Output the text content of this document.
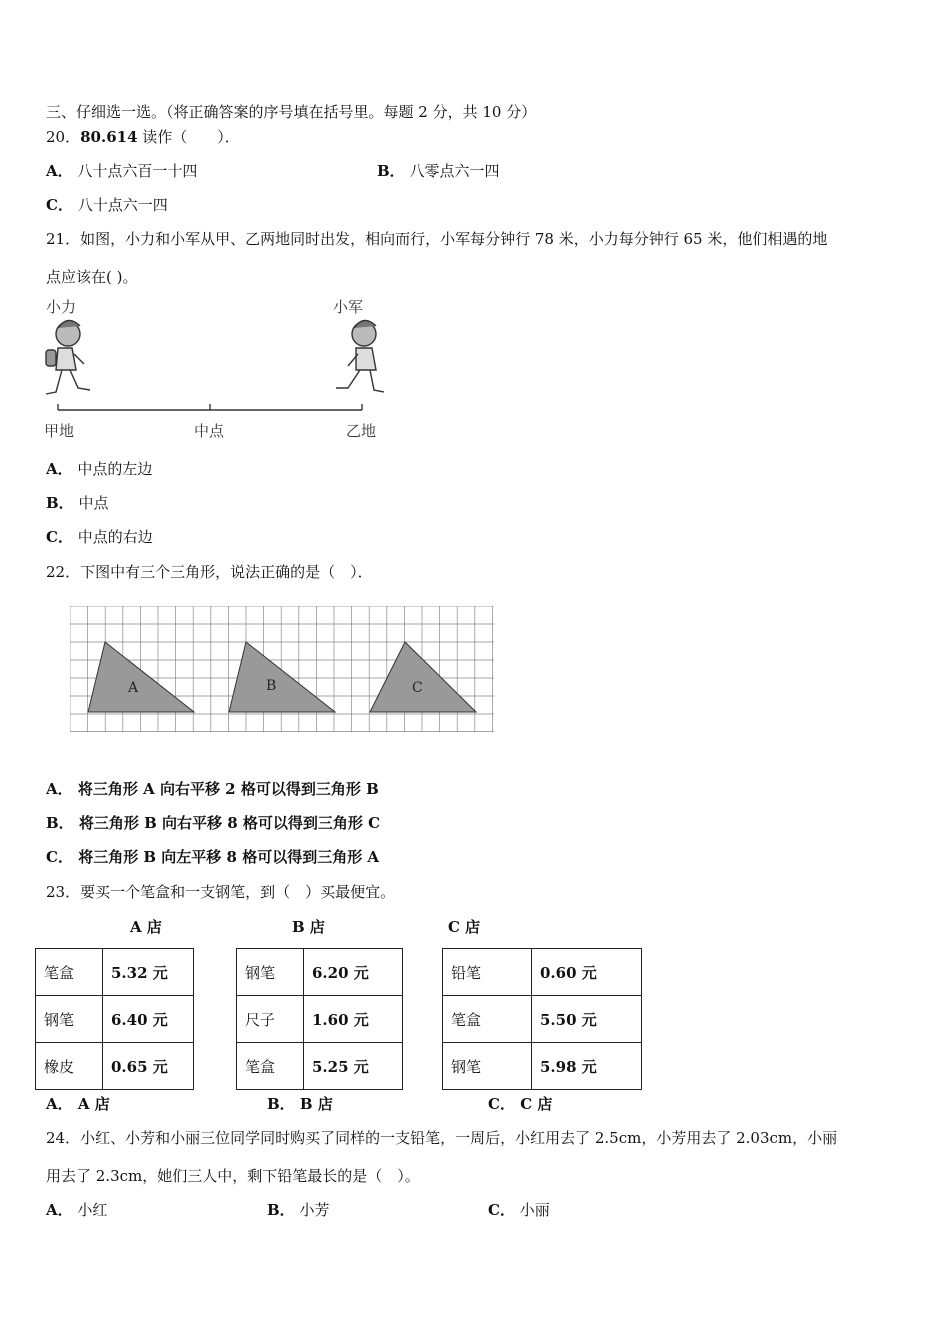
三、仔细选一选。（将正确答案的序号填在括号里。每题 2 分，共 10 分）
20．80.614 读作（　　）．
A． 八十点六百一十四	B． 八零点六一四
C． 八十点六一四
21．如图，小力和小军从甲、乙两地同时出发，相向而行，小军每分钟行 78 米，小力每分钟行 65 米，他们相遇的地
点应该在( )。
小力	小军
甲地	中点	乙地
A． 中点的左边
B． 中点
C． 中点的右边
22．下图中有三个三角形，说法正确的是（　）．
A	B	C
A． 将三角形 A 向右平移 2 格可以得到三角形 B
B． 将三角形 B 向右平移 8 格可以得到三角形 C
C． 将三角形 B 向左平移 8 格可以得到三角形 A
23．要买一个笔盒和一支钢笔，到（　）买最便宜。
A 店	B 店	C 店
笔盒	5.32 元
钢笔	6.40 元
橡皮	0.65 元
钢笔	6.20 元
尺子	1.60 元
笔盒	5.25 元
铅笔	0.60 元
笔盒	5.50 元
钢笔	5.98 元
A． A 店	B． B 店	C． C 店
24．小红、小芳和小丽三位同学同时购买了同样的一支铅笔，一周后，小红用去了 2.5cm，小芳用去了 2.03cm，小丽
用去了 2.3cm，她们三人中，剩下铅笔最长的是（　）。
A． 小红	B． 小芳	C． 小丽
